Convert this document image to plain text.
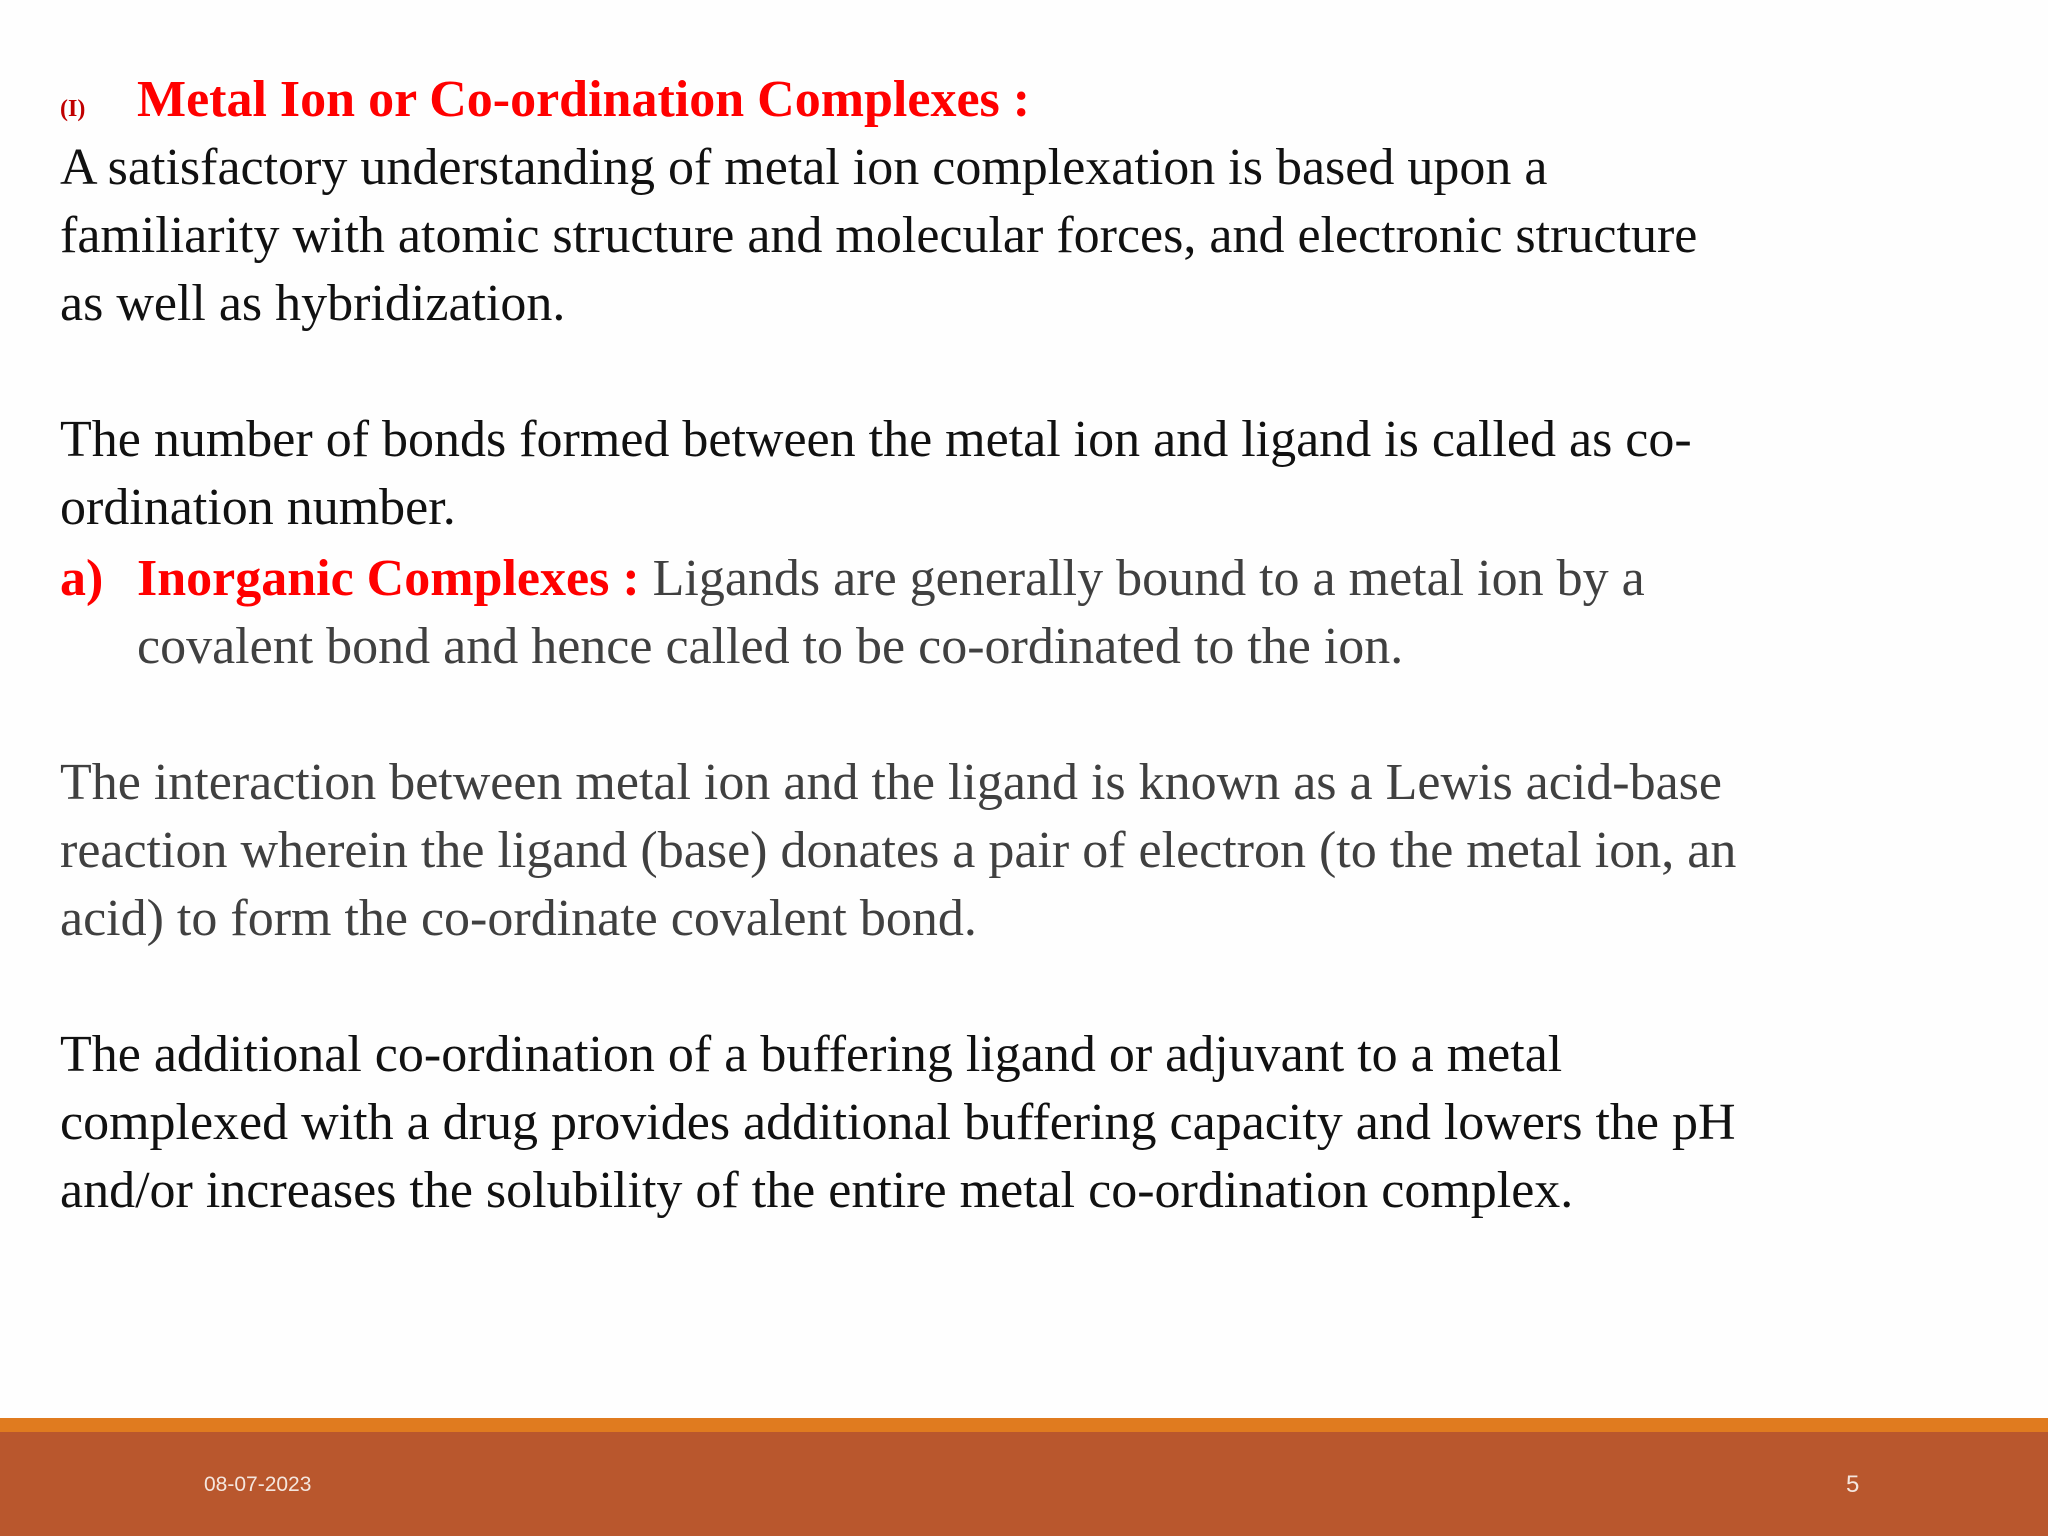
(I) Metal Ion or Co-ordination Complexes :
A satisfactory understanding of metal ion complexation is based upon a
familiarity with atomic structure and molecular forces, and electronic structure
as well as hybridization.
The number of bonds formed between the metal ion and ligand is called as co-
ordination number.
a) Inorganic Complexes : Ligands are generally bound to a metal ion by a
covalent bond and hence called to be co-ordinated to the ion.
The interaction between metal ion and the ligand is known as a Lewis acid-base
reaction wherein the ligand (base) donates a pair of electron (to the metal ion, an
acid) to form the co-ordinate covalent bond.
The additional co-ordination of a buffering ligand or adjuvant to a metal
complexed with a drug provides additional buffering capacity and lowers the pH
and/or increases the solubility of the entire metal co-ordination complex.
08-07-2023	5
